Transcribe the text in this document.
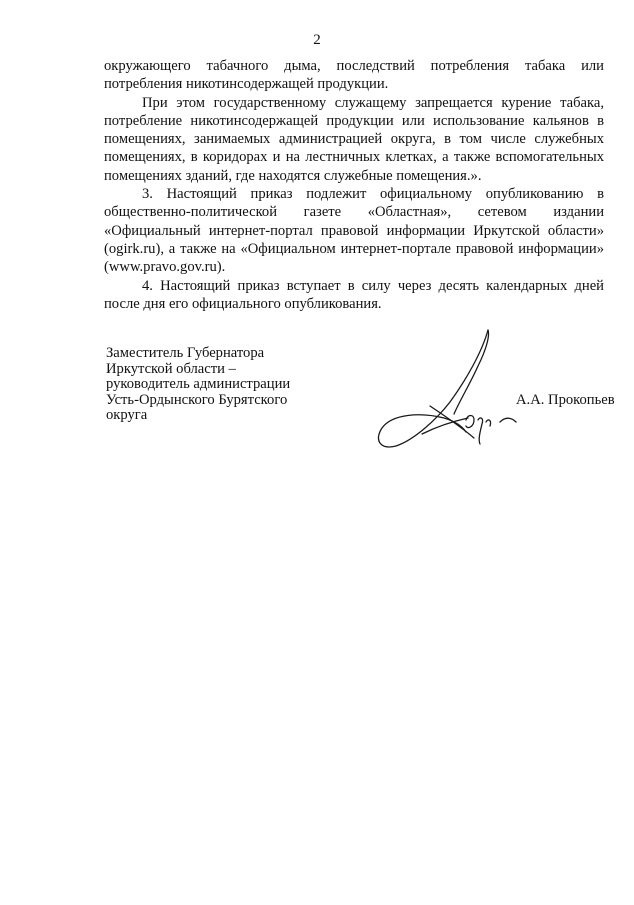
2

окружающего табачного дыма, последствий потребления табака или потребления никотинсодержащей продукции.

При этом государственному служащему запрещается курение табака, потребление никотинсодержащей продукции или использование кальянов в помещениях, занимаемых администрацией округа, в том числе служебных помещениях, в коридорах и на лестничных клетках, а также вспомогательных помещениях зданий, где находятся служебные помещения.».

3. Настоящий приказ подлежит официальному опубликованию в общественно-политической газете «Областная», сетевом издании «Официальный интернет-портал правовой информации Иркутской области» (ogirk.ru), а также на «Официальном интернет-портале правовой информации» (www.pravo.gov.ru).

4. Настоящий приказ вступает в силу через десять календарных дней после дня его официального опубликования.

Заместитель Губернатора
Иркутской области –
руководитель администрации
Усть-Ордынского Бурятского
округа
А.А. Прокопьев
